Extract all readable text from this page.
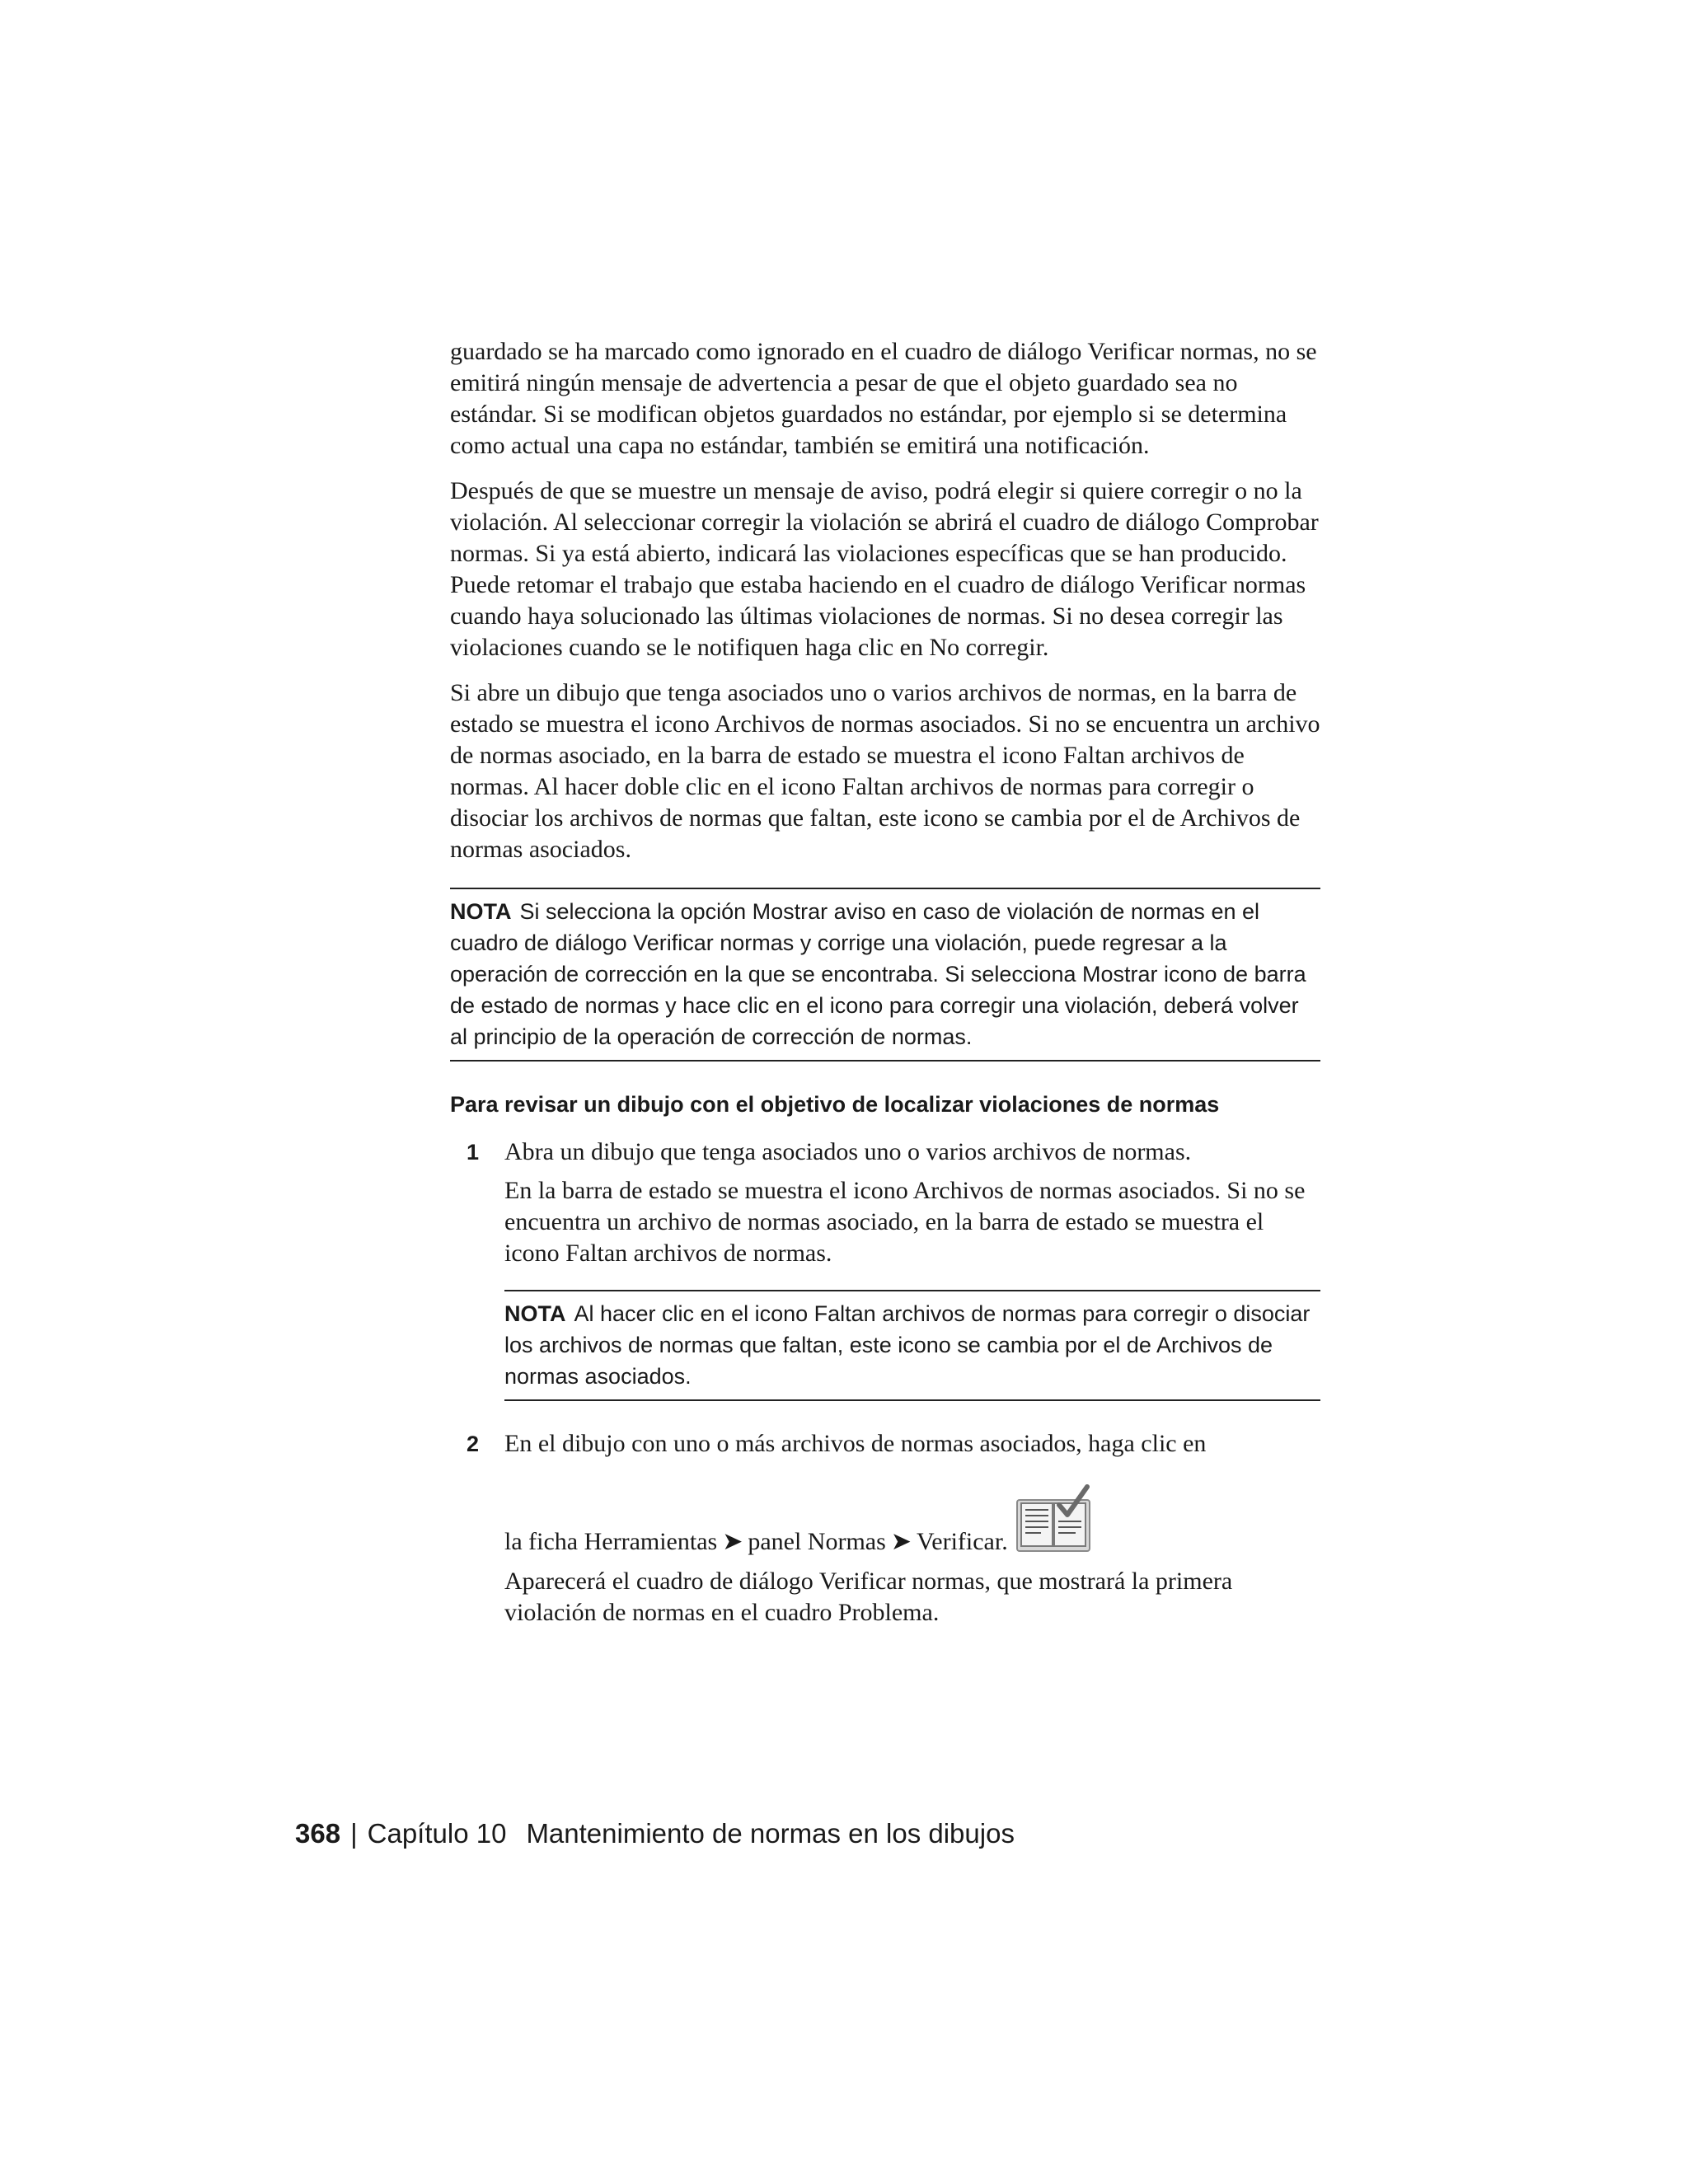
guardado se ha marcado como ignorado en el cuadro de diálogo Verificar normas, no se emitirá ningún mensaje de advertencia a pesar de que el objeto guardado sea no estándar. Si se modifican objetos guardados no estándar, por ejemplo si se determina como actual una capa no estándar, también se emitirá una notificación.

Después de que se muestre un mensaje de aviso, podrá elegir si quiere corregir o no la violación. Al seleccionar corregir la violación se abrirá el cuadro de diálogo Comprobar normas. Si ya está abierto, indicará las violaciones específicas que se han producido. Puede retomar el trabajo que estaba haciendo en el cuadro de diálogo Verificar normas cuando haya solucionado las últimas violaciones de normas. Si no desea corregir las violaciones cuando se le notifiquen haga clic en No corregir.

Si abre un dibujo que tenga asociados uno o varios archivos de normas, en la barra de estado se muestra el icono Archivos de normas asociados. Si no se encuentra un archivo de normas asociado, en la barra de estado se muestra el icono Faltan archivos de normas. Al hacer doble clic en el icono Faltan archivos de normas para corregir o disociar los archivos de normas que faltan, este icono se cambia por el de Archivos de normas asociados.

NOTA Si selecciona la opción Mostrar aviso en caso de violación de normas en el cuadro de diálogo Verificar normas y corrige una violación, puede regresar a la operación de corrección en la que se encontraba. Si selecciona Mostrar icono de barra de estado de normas y hace clic en el icono para corregir una violación, deberá volver al principio de la operación de corrección de normas.
Para revisar un dibujo con el objetivo de localizar violaciones de normas
1	Abra un dibujo que tenga asociados uno o varios archivos de normas.

En la barra de estado se muestra el icono Archivos de normas asociados. Si no se encuentra un archivo de normas asociado, en la barra de estado se muestra el icono Faltan archivos de normas.

NOTA Al hacer clic en el icono Faltan archivos de normas para corregir o disociar los archivos de normas que faltan, este icono se cambia por el de Archivos de normas asociados.
2	En el dibujo con uno o más archivos de normas asociados, haga clic en

la ficha Herramientas ➤ panel Normas ➤ Verificar.

Aparecerá el cuadro de diálogo Verificar normas, que mostrará la primera violación de normas en el cuadro Problema.

368 | Capítulo 10 Mantenimiento de normas en los dibujos
